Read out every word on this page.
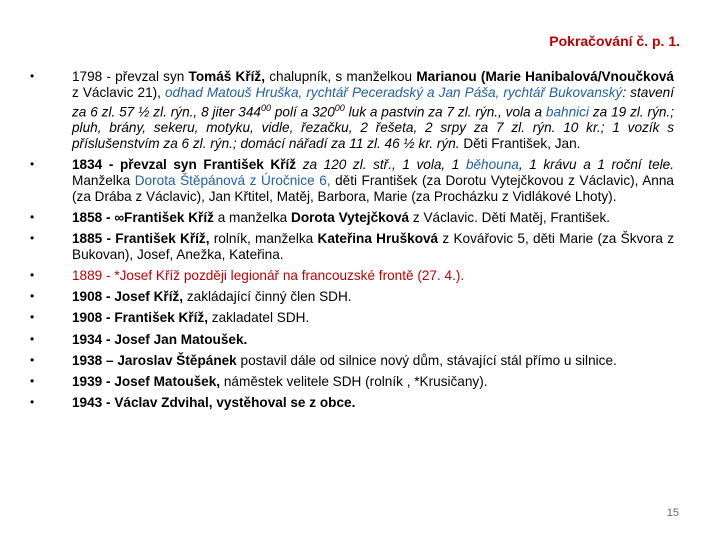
Pokračování č. p. 1.
• 1798 - převzal syn Tomáš Kříž, chalupník, s manželkou Marianou (Marie Hanibalová/Vnoučková z Václavic 21), odhad Matouš Hruška, rychtář Peceradský a Jan Páša, rychtář Bukovanský: stavení za 6 zl. 57 ½ zl. rýn., 8 jiter $344^{00}$ polí a $320^{00}$ luk a pastvin za 7 zl. rýn., vola a bahnici za 19 zl. rýn.; pluh, brány, sekeru, motyku, vidle, řezačku, 2 řešeta, 2 srpy za 7 zl. rýn. 10 kr.; 1 vozík s příslušenstvím za 6 zl. rýn.; domácí nářadí za 11 zl. 46 ½ kr. rýn. Děti František, Jan.
• 1834 - převzal syn František Kříž za 120 zl. stř., 1 vola, 1 běhouna, 1 krávu a 1 roční tele. Manželka Dorota Štěpánová z Úročnice 6, děti František (za Dorotu Vytejčkovou z Václavic), Anna (za Drába z Václavic), Jan Křtitel, Matěj, Barbora, Marie (za Procházku z Vidlákové Lhoty).
• 1858 - ∞František Kříž a manželka Dorota Vytejčková z Václavic. Děti Matěj, František.
• 1885 - František Kříž, rolník, manželka Kateřina Hrušková z Kovářovic 5, děti Marie (za Škvora z Bukovan), Josef, Anežka, Kateřina.
• 1889 - *Josef Kříž později legionář na francouzské frontě (27. 4.).
• 1908 - Josef Kříž, zakládající činný člen SDH.
• 1908 - František Kříž, zakladatel SDH.
• 1934 - Josef Jan Matoušek.
• 1938 – Jaroslav Štěpánek postavil dále od silnice nový dům, stávající stál přímo u silnice.
• 1939 - Josef Matoušek, náměstek velitele SDH (rolník , *Krusičany).
• 1943 - Václav Zdvihal, vystěhoval se z obce.
15
